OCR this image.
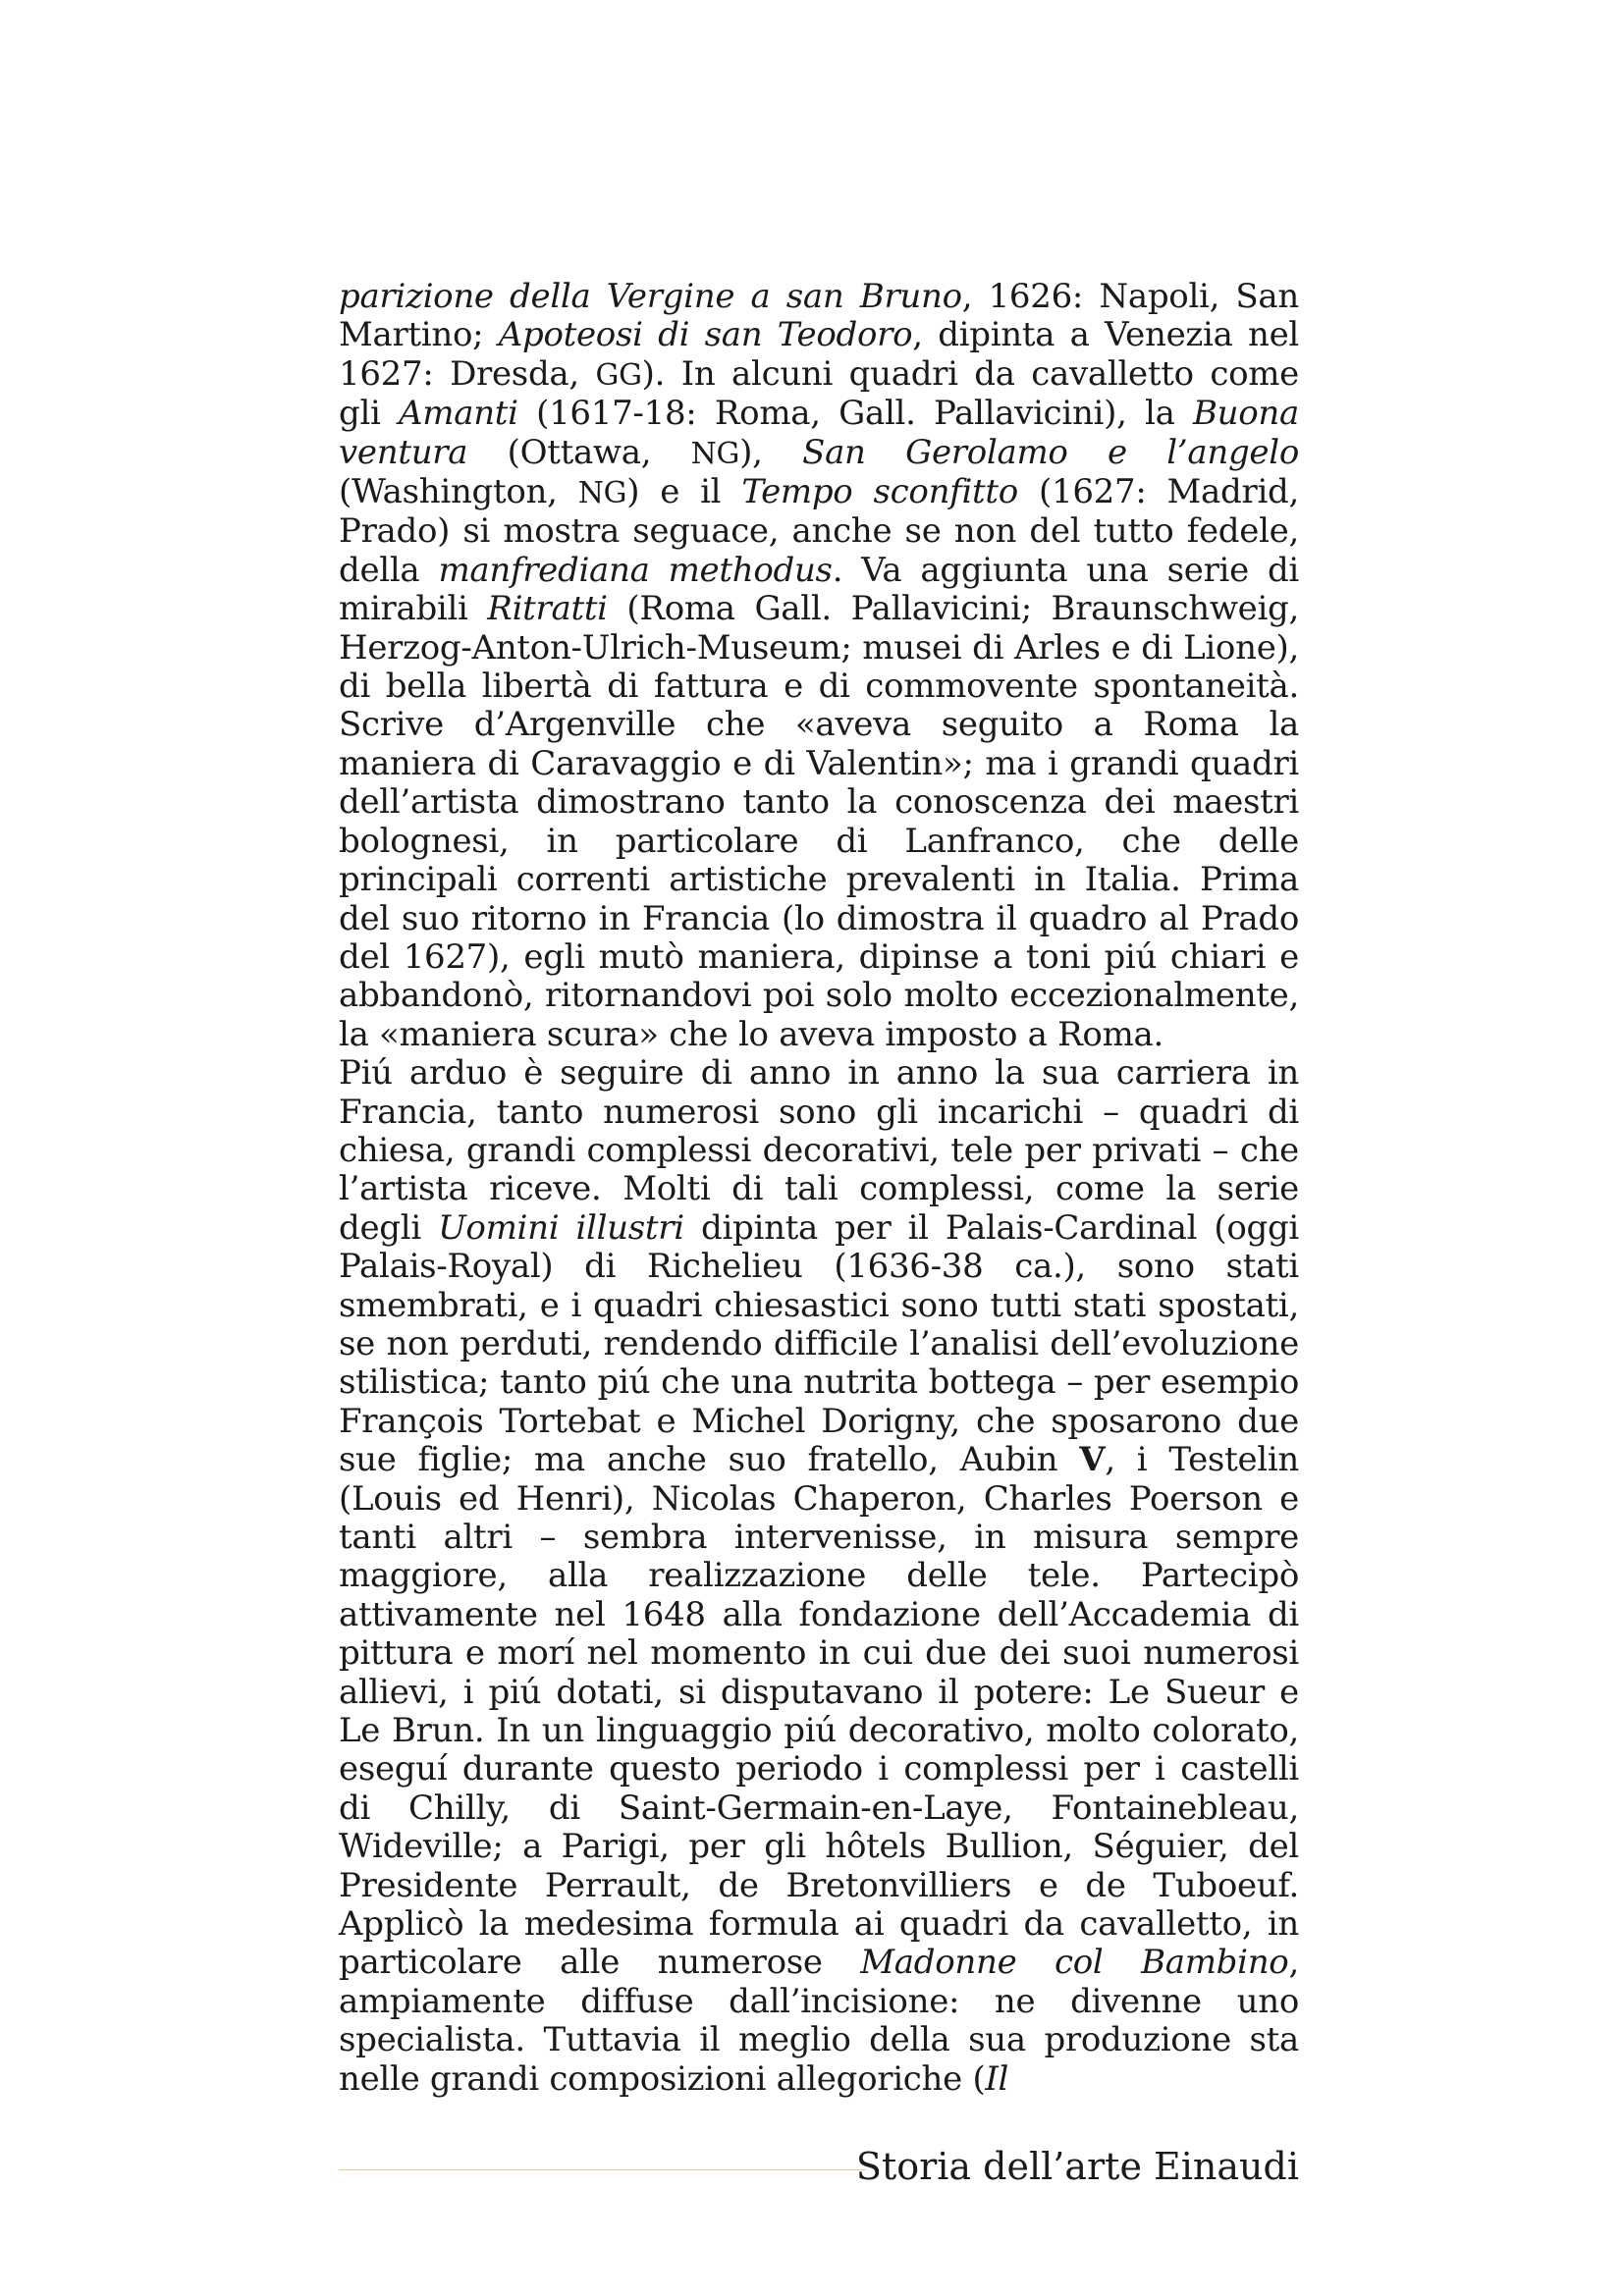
parizione della Vergine a san Bruno, 1626: Napoli, San Martino; Apoteosi di san Teodoro, dipinta a Venezia nel 1627: Dresda, GG). In alcuni quadri da cavalletto come gli Amanti (1617-18: Roma, Gall. Pallavicini), la Buona ventura (Ottawa, NG), San Gerolamo e l’angelo (Washington, NG) e il Tempo sconfitto (1627: Madrid, Prado) si mostra seguace, anche se non del tutto fedele, della manfrediana methodus. Va aggiunta una serie di mirabili Ritratti (Roma Gall. Pallavicini; Braunschweig, Herzog-Anton-Ulrich-Museum; musei di Arles e di Lione), di bella libertà di fattura e di commovente spontaneità. Scrive d’Argenville che «aveva seguito a Roma la maniera di Caravaggio e di Valentin»; ma i grandi quadri dell’artista dimostrano tanto la conoscenza dei maestri bolognesi, in particolare di Lanfranco, che delle principali correnti artistiche prevalenti in Italia. Prima del suo ritorno in Francia (lo dimostra il quadro al Prado del 1627), egli mutò maniera, dipinse a toni piú chiari e abbandonò, ritornandovi poi solo molto eccezionalmente, la «maniera scura» che lo aveva imposto a Roma.

Piú arduo è seguire di anno in anno la sua carriera in Francia, tanto numerosi sono gli incarichi – quadri di chiesa, grandi complessi decorativi, tele per privati – che l’artista riceve. Molti di tali complessi, come la serie degli Uomini illustri dipinta per il Palais-Cardinal (oggi Palais-Royal) di Richelieu (1636-38 ca.), sono stati smembrati, e i quadri chiesastici sono tutti stati spostati, se non perduti, rendendo difficile l’analisi dell’evoluzione stilistica; tanto piú che una nutrita bottega – per esempio François Tortebat e Michel Dorigny, che sposarono due sue figlie; ma anche suo fratello, Aubin V, i Testelin (Louis ed Henri), Nicolas Chaperon, Charles Poerson e tanti altri – sembra intervenisse, in misura sempre maggiore, alla realizzazione delle tele. Partecipò attivamente nel 1648 alla fondazione dell’Accademia di pittura e morí nel momento in cui due dei suoi numerosi allievi, i piú dotati, si disputavano il potere: Le Sueur e Le Brun. In un linguaggio piú decorativo, molto colorato, eseguí durante questo periodo i complessi per i castelli di Chilly, di Saint-Germain-en-Laye, Fontainebleau, Wideville; a Parigi, per gli hôtels Bullion, Séguier, del Presidente Perrault, de Bretonvilliers e de Tuboeuf. Applicò la medesima formula ai quadri da cavalletto, in particolare alle numerose Madonne col Bambino, ampiamente diffuse dall’incisione: ne divenne uno specialista. Tuttavia il meglio della sua produzione sta nelle grandi composizioni allegoriche (Il

Storia dell’arte Einaudi
